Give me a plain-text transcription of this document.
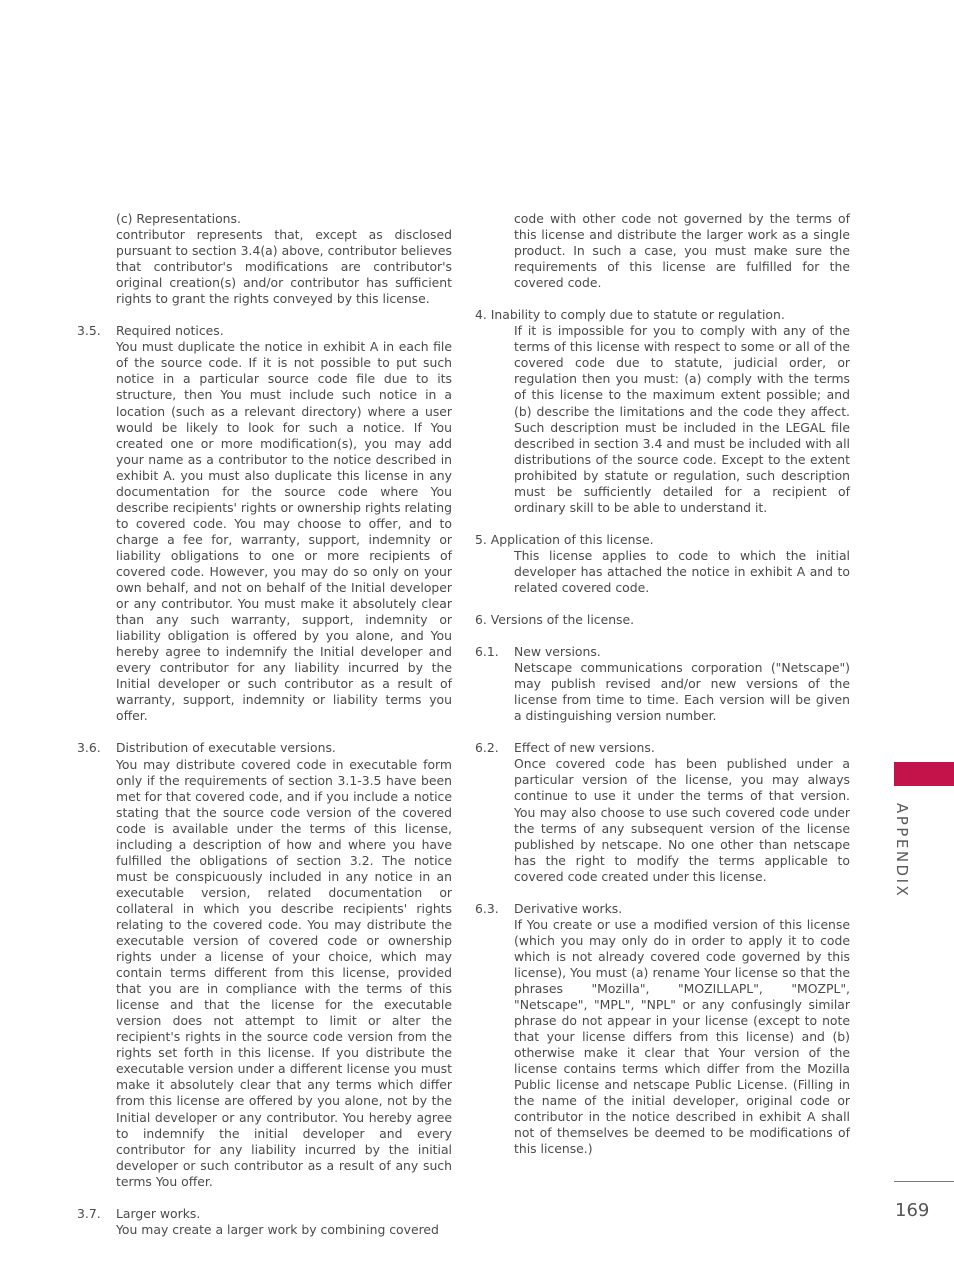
(c) Representations.
contributor represents that, except as disclosed pursuant to section 3.4(a) above, contributor believes that contributor's modifications are contributor's original creation(s) and/or contributor has sufficient rights to grant the rights conveyed by this license.
3.5.	Required notices.
You must duplicate the notice in exhibit A in each file of the source code. If it is not possible to put such notice in a particular source code file due to its structure, then You must include such notice in a location (such as a relevant directory) where a user would be likely to look for such a notice. If You created one or more modification(s), you may add your name as a contributor to the notice described in exhibit A. you must also duplicate this license in any documentation for the source code where You describe recipients' rights or ownership rights relating to covered code. You may choose to offer, and to charge a fee for, warranty, support, indemnity or liability obligations to one or more recipients of covered code. However, you may do so only on your own behalf, and not on behalf of the Initial developer or any contributor. You must make it absolutely clear than any such warranty, support, indemnity or liability obligation is offered by you alone, and You hereby agree to indemnify the Initial developer and every contributor for any liability incurred by the Initial developer or such contributor as a result of warranty, support, indemnity or liability terms you offer.
3.6.	Distribution of executable versions.
You may distribute covered code in executable form only if the requirements of section 3.1-3.5 have been met for that covered code, and if you include a notice stating that the source code version of the covered code is available under the terms of this license, including a description of how and where you have fulfilled the obligations of section 3.2. The notice must be conspicuously included in any notice in an executable version, related documentation or collateral in which you describe recipients' rights relating to the covered code. You may distribute the executable version of covered code or ownership rights under a license of your choice, which may contain terms different from this license, provided that you are in compliance with the terms of this license and that the license for the executable version does not attempt to limit or alter the recipient's rights in the source code version from the rights set forth in this license. If you distribute the executable version under a different license you must make it absolutely clear that any terms which differ from this license are offered by you alone, not by the Initial developer or any contributor. You hereby agree to indemnify the initial developer and every contributor for any liability incurred by the initial developer or such contributor as a result of any such terms You offer.
3.7.	Larger works.
You may create a larger work by combining covered
code with other code not governed by the terms of this license and distribute the larger work as a single product. In such a case, you must make sure the requirements of this license are fulfilled for the covered code.
4. Inability to comply due to statute or regulation.
If it is impossible for you to comply with any of the terms of this license with respect to some or all of the covered code due to statute, judicial order, or regulation then you must: (a) comply with the terms of this license to the maximum extent possible; and (b) describe the limitations and the code they affect. Such description must be included in the LEGAL file described in section 3.4 and must be included with all distributions of the source code. Except to the extent prohibited by statute or regulation, such description must be sufficiently detailed for a recipient of ordinary skill to be able to understand it.
5. Application of this license.
This license applies to code to which the initial developer has attached the notice in exhibit A and to related covered code.
6. Versions of the license.
6.1.	New versions.
Netscape communications corporation ("Netscape") may publish revised and/or new versions of the license from time to time. Each version will be given a distinguishing version number.
6.2.	Effect of new versions.
Once covered code has been published under a particular version of the license, you may always continue to use it under the terms of that version. You may also choose to use such covered code under the terms of any subsequent version of the license published by netscape. No one other than netscape has the right to modify the terms applicable to covered code created under this license.
6.3.	Derivative works.
If You create or use a modified version of this license (which you may only do in order to apply it to code which is not already covered code governed by this license), You must (a) rename Your license so that the phrases "Mozilla", "MOZILLAPL", "MOZPL", "Netscape", "MPL", "NPL" or any confusingly similar phrase do not appear in your license (except to note that your license differs from this license) and (b) otherwise make it clear that Your version of the license contains terms which differ from the Mozilla Public license and netscape Public License. (Filling in the name of the initial developer, original code or contributor in the notice described in exhibit A shall not of themselves be deemed to be modifications of this license.)
APPENDIX
169
